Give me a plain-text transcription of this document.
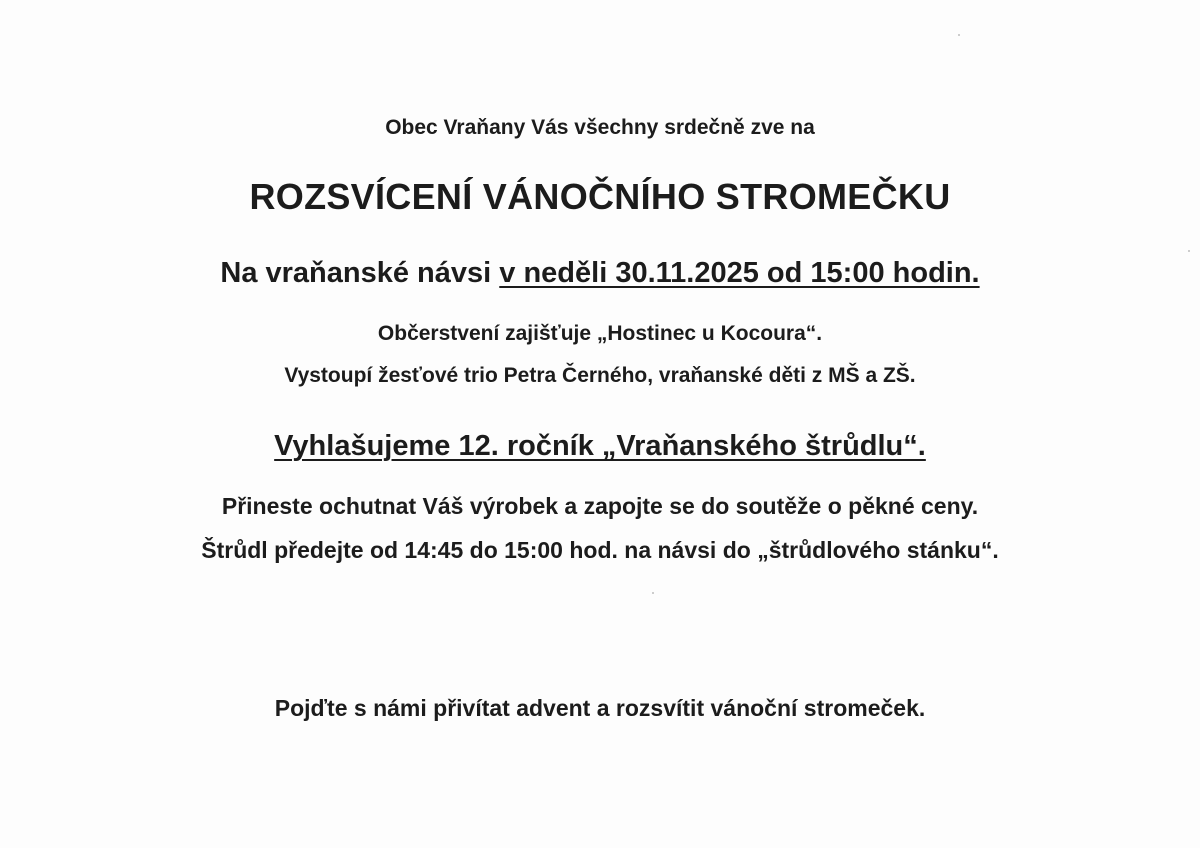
Obec Vraňany Vás všechny srdečně zve na
ROZSVÍCENÍ VÁNOČNÍHO STROMEČKU
Na vraňanské návsi v neděli 30.11.2025 od 15:00 hodin.
Občerstvení zajišťuje „Hostinec u Kocoura“.
Vystoupí žesťové trio Petra Černého, vraňanské děti z MŠ a ZŠ.
Vyhlašujeme 12. ročník „Vraňanského štrůdlu“.
Přineste ochutnat Váš výrobek a zapojte se do soutěže o pěkné ceny.
Štrůdl předejte od 14:45 do 15:00 hod. na návsi do „štrůdlového stánku“.
Pojďte s námi přivítat advent a rozsvítit vánoční stromeček.
